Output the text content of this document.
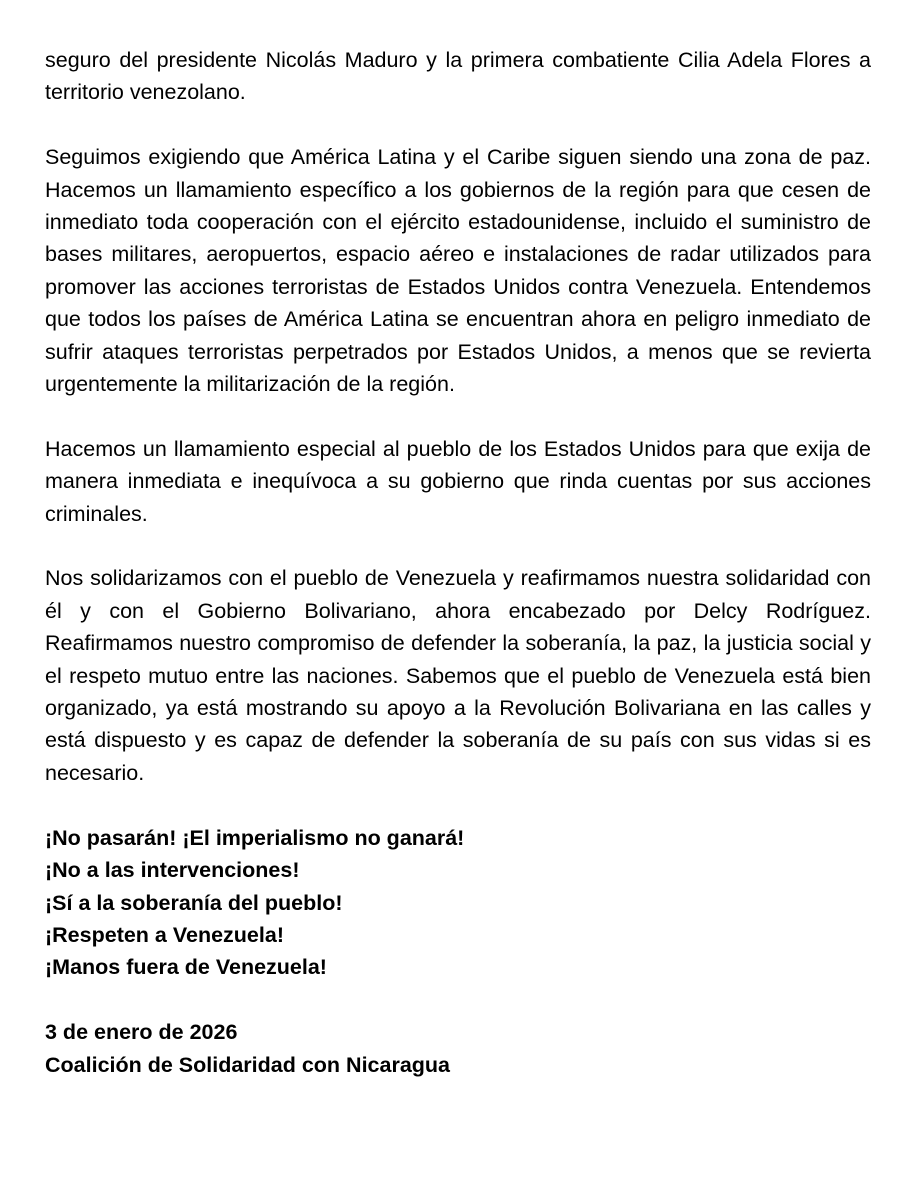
seguro del presidente Nicolás Maduro y la primera combatiente Cilia Adela Flores a territorio venezolano.

Seguimos exigiendo que América Latina y el Caribe siguen siendo una zona de paz. Hacemos un llamamiento específico a los gobiernos de la región para que cesen de inmediato toda cooperación con el ejército estadounidense, incluido el suministro de bases militares, aeropuertos, espacio aéreo e instalaciones de radar utilizados para promover las acciones terroristas de Estados Unidos contra Venezuela. Entendemos que todos los países de América Latina se encuentran ahora en peligro inmediato de sufrir ataques terroristas perpetrados por Estados Unidos, a menos que se revierta urgentemente la militarización de la región.

Hacemos un llamamiento especial al pueblo de los Estados Unidos para que exija de manera inmediata e inequívoca a su gobierno que rinda cuentas por sus acciones criminales.

Nos solidarizamos con el pueblo de Venezuela y reafirmamos nuestra solidaridad con él y con el Gobierno Bolivariano, ahora encabezado por Delcy Rodríguez. Reafirmamos nuestro compromiso de defender la soberanía, la paz, la justicia social y el respeto mutuo entre las naciones. Sabemos que el pueblo de Venezuela está bien organizado, ya está mostrando su apoyo a la Revolución Bolivariana en las calles y está dispuesto y es capaz de defender la soberanía de su país con sus vidas si es necesario.

¡No pasarán! ¡El imperialismo no ganará!
¡No a las intervenciones!
¡Sí a la soberanía del pueblo!
¡Respeten a Venezuela!
¡Manos fuera de Venezuela!
3 de enero de 2026
Coalición de Solidaridad con Nicaragua
